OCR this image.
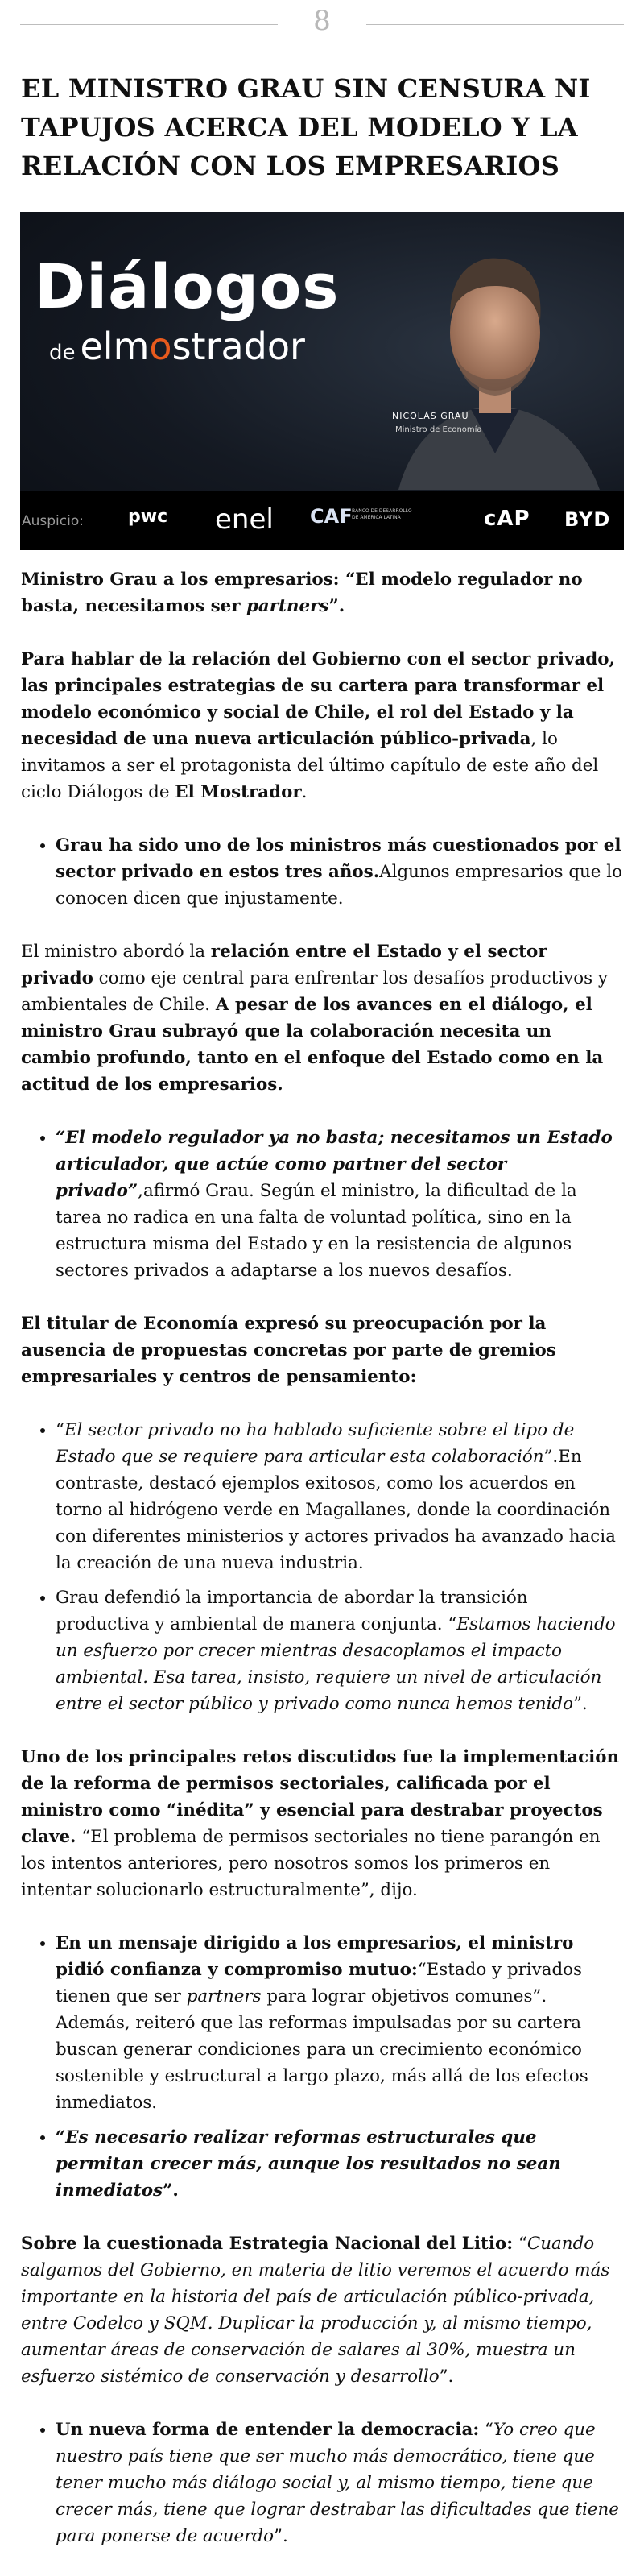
8
EL MINISTRO GRAU SIN CENSURA NI TAPUJOS ACERCA DEL MODELO Y LA RELACIÓN CON LOS EMPRESARIOS
Diálogos
de elmostrador
NICOLÁS GRAU
Ministro de Economía
Auspicio:	pwc enel CAF BANCO DE DESARROLLO DE AMÉRICA LATINA	cAP BYD

Ministro Grau a los empresarios: “El modelo regulador no basta, necesitamos ser partners”.

Para hablar de la relación del Gobierno con el sector privado, las principales estrategias de su cartera para transformar el modelo económico y social de Chile, el rol del Estado y la necesidad de una nueva articulación público-privada, lo invitamos a ser el protagonista del último capítulo de este año del ciclo Diálogos de El Mostrador.

• Grau ha sido uno de los ministros más cuestionados por el sector privado en estos tres años.Algunos empresarios que lo conocen dicen que injustamente.

El ministro abordó la relación entre el Estado y el sector privado como eje central para enfrentar los desafíos productivos y ambientales de Chile. A pesar de los avances en el diálogo, el ministro Grau subrayó que la colaboración necesita un cambio profundo, tanto en el enfoque del Estado como en la actitud de los empresarios.

• “El modelo regulador ya no basta; necesitamos un Estado articulador, que actúe como partner del sector privado”,afirmó Grau. Según el ministro, la dificultad de la tarea no radica en una falta de voluntad política, sino en la estructura misma del Estado y en la resistencia de algunos sectores privados a adaptarse a los nuevos desafíos.

El titular de Economía expresó su preocupación por la ausencia de propuestas concretas por parte de gremios empresariales y centros de pensamiento:

• “El sector privado no ha hablado suficiente sobre el tipo de Estado que se requiere para articular esta colaboración”.En contraste, destacó ejemplos exitosos, como los acuerdos en torno al hidrógeno verde en Magallanes, donde la coordinación con diferentes ministerios y actores privados ha avanzado hacia la creación de una nueva industria.
• Grau defendió la importancia de abordar la transición productiva y ambiental de manera conjunta. “Estamos haciendo un esfuerzo por crecer mientras desacoplamos el impacto ambiental. Esa tarea, insisto, requiere un nivel de articulación entre el sector público y privado como nunca hemos tenido”.

Uno de los principales retos discutidos fue la implementación de la reforma de permisos sectoriales, calificada por el ministro como “inédita” y esencial para destrabar proyectos clave. “El problema de permisos sectoriales no tiene parangón en los intentos anteriores, pero nosotros somos los primeros en intentar solucionarlo estructuralmente”, dijo.

• En un mensaje dirigido a los empresarios, el ministro pidió confianza y compromiso mutuo:“Estado y privados tienen que ser partners para lograr objetivos comunes”. Además, reiteró que las reformas impulsadas por su cartera buscan generar condiciones para un crecimiento económico sostenible y estructural a largo plazo, más allá de los efectos inmediatos.
• “Es necesario realizar reformas estructurales que permitan crecer más, aunque los resultados no sean inmediatos”.

Sobre la cuestionada Estrategia Nacional del Litio: “Cuando salgamos del Gobierno, en materia de litio veremos el acuerdo más importante en la historia del país de articulación público-privada, entre Codelco y SQM. Duplicar la producción y, al mismo tiempo, aumentar áreas de conservación de salares al 30%, muestra un esfuerzo sistémico de conservación y desarrollo”.

• Un nueva forma de entender la democracia: “Yo creo que nuestro país tiene que ser mucho más democrático, tiene que tener mucho más diálogo social y, al mismo tiempo, tiene que crecer más, tiene que lograr destrabar las dificultades que tiene para ponerse de acuerdo”.
